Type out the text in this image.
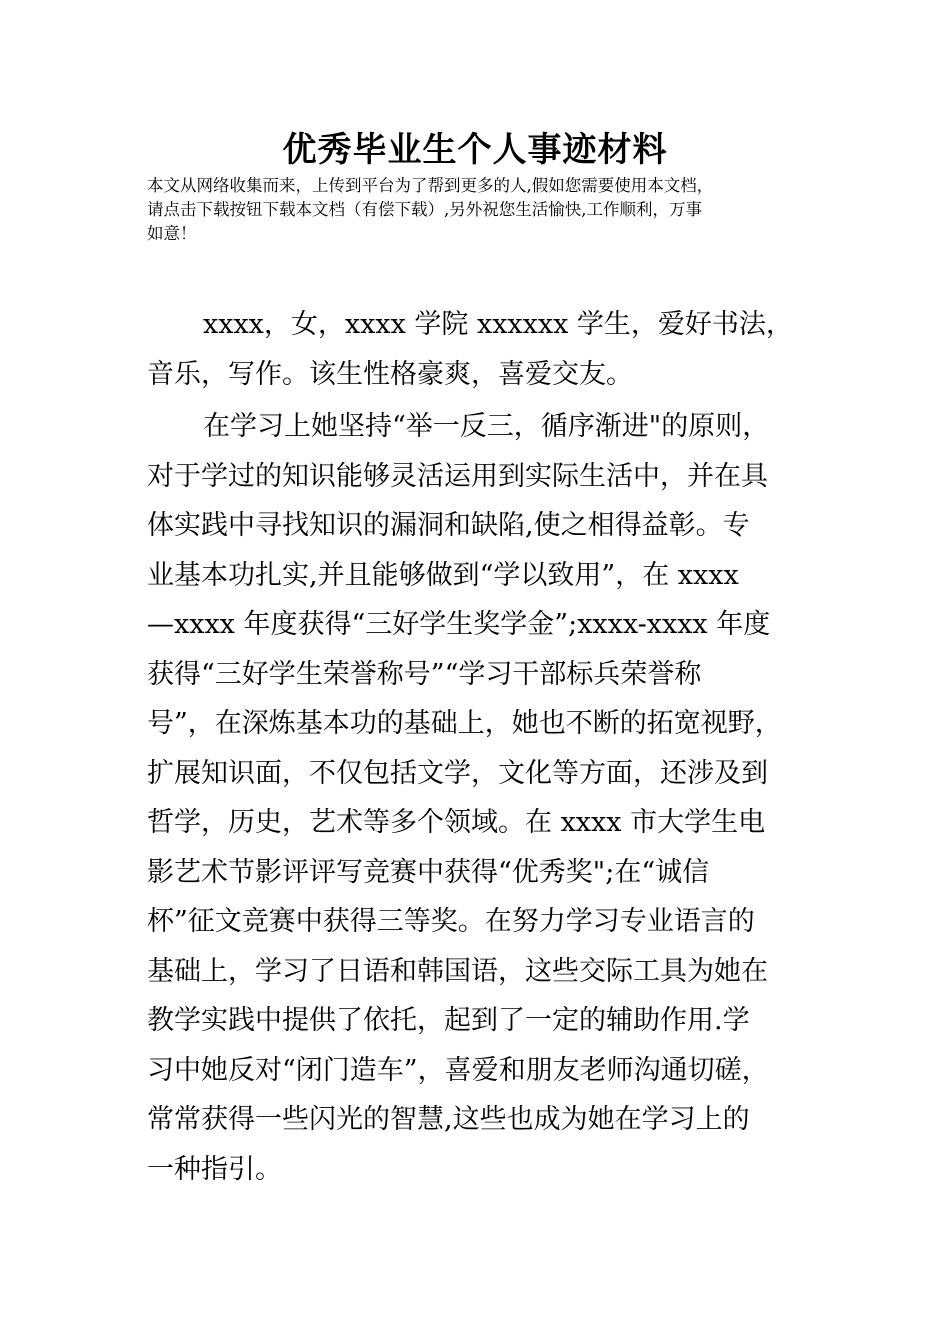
优秀毕业生个人事迹材料
本文从网络收集而来，上传到平台为了帮到更多的人,假如您需要使用本文档，
请点击下载按钮下载本文档（有偿下载）,另外祝您生活愉快,工作顺利，万事
如意！
xxxx，女，xxxx 学院 xxxxxx 学生，爱好书法，
音乐，写作。该生性格豪爽，喜爱交友。
在学习上她坚持“举一反三，循序渐进"的原则，
对于学过的知识能够灵活运用到实际生活中，并在具
体实践中寻找知识的漏洞和缺陷,使之相得益彰。专
业基本功扎实,并且能够做到“学以致用”，在 xxxx
—xxxx 年度获得“三好学生奖学金”;xxxx-xxxx 年度
获得“三好学生荣誉称号”“学习干部标兵荣誉称
号”，在深炼基本功的基础上，她也不断的拓宽视野，
扩展知识面，不仅包括文学，文化等方面，还涉及到
哲学，历史，艺术等多个领域。在 xxxx 市大学生电
影艺术节影评评写竞赛中获得“优秀奖";在“诚信
杯”征文竞赛中获得三等奖。在努力学习专业语言的
基础上，学习了日语和韩国语，这些交际工具为她在
教学实践中提供了依托，起到了一定的辅助作用.学
习中她反对“闭门造车”，喜爱和朋友老师沟通切磋，
常常获得一些闪光的智慧,这些也成为她在学习上的
一种指引。
